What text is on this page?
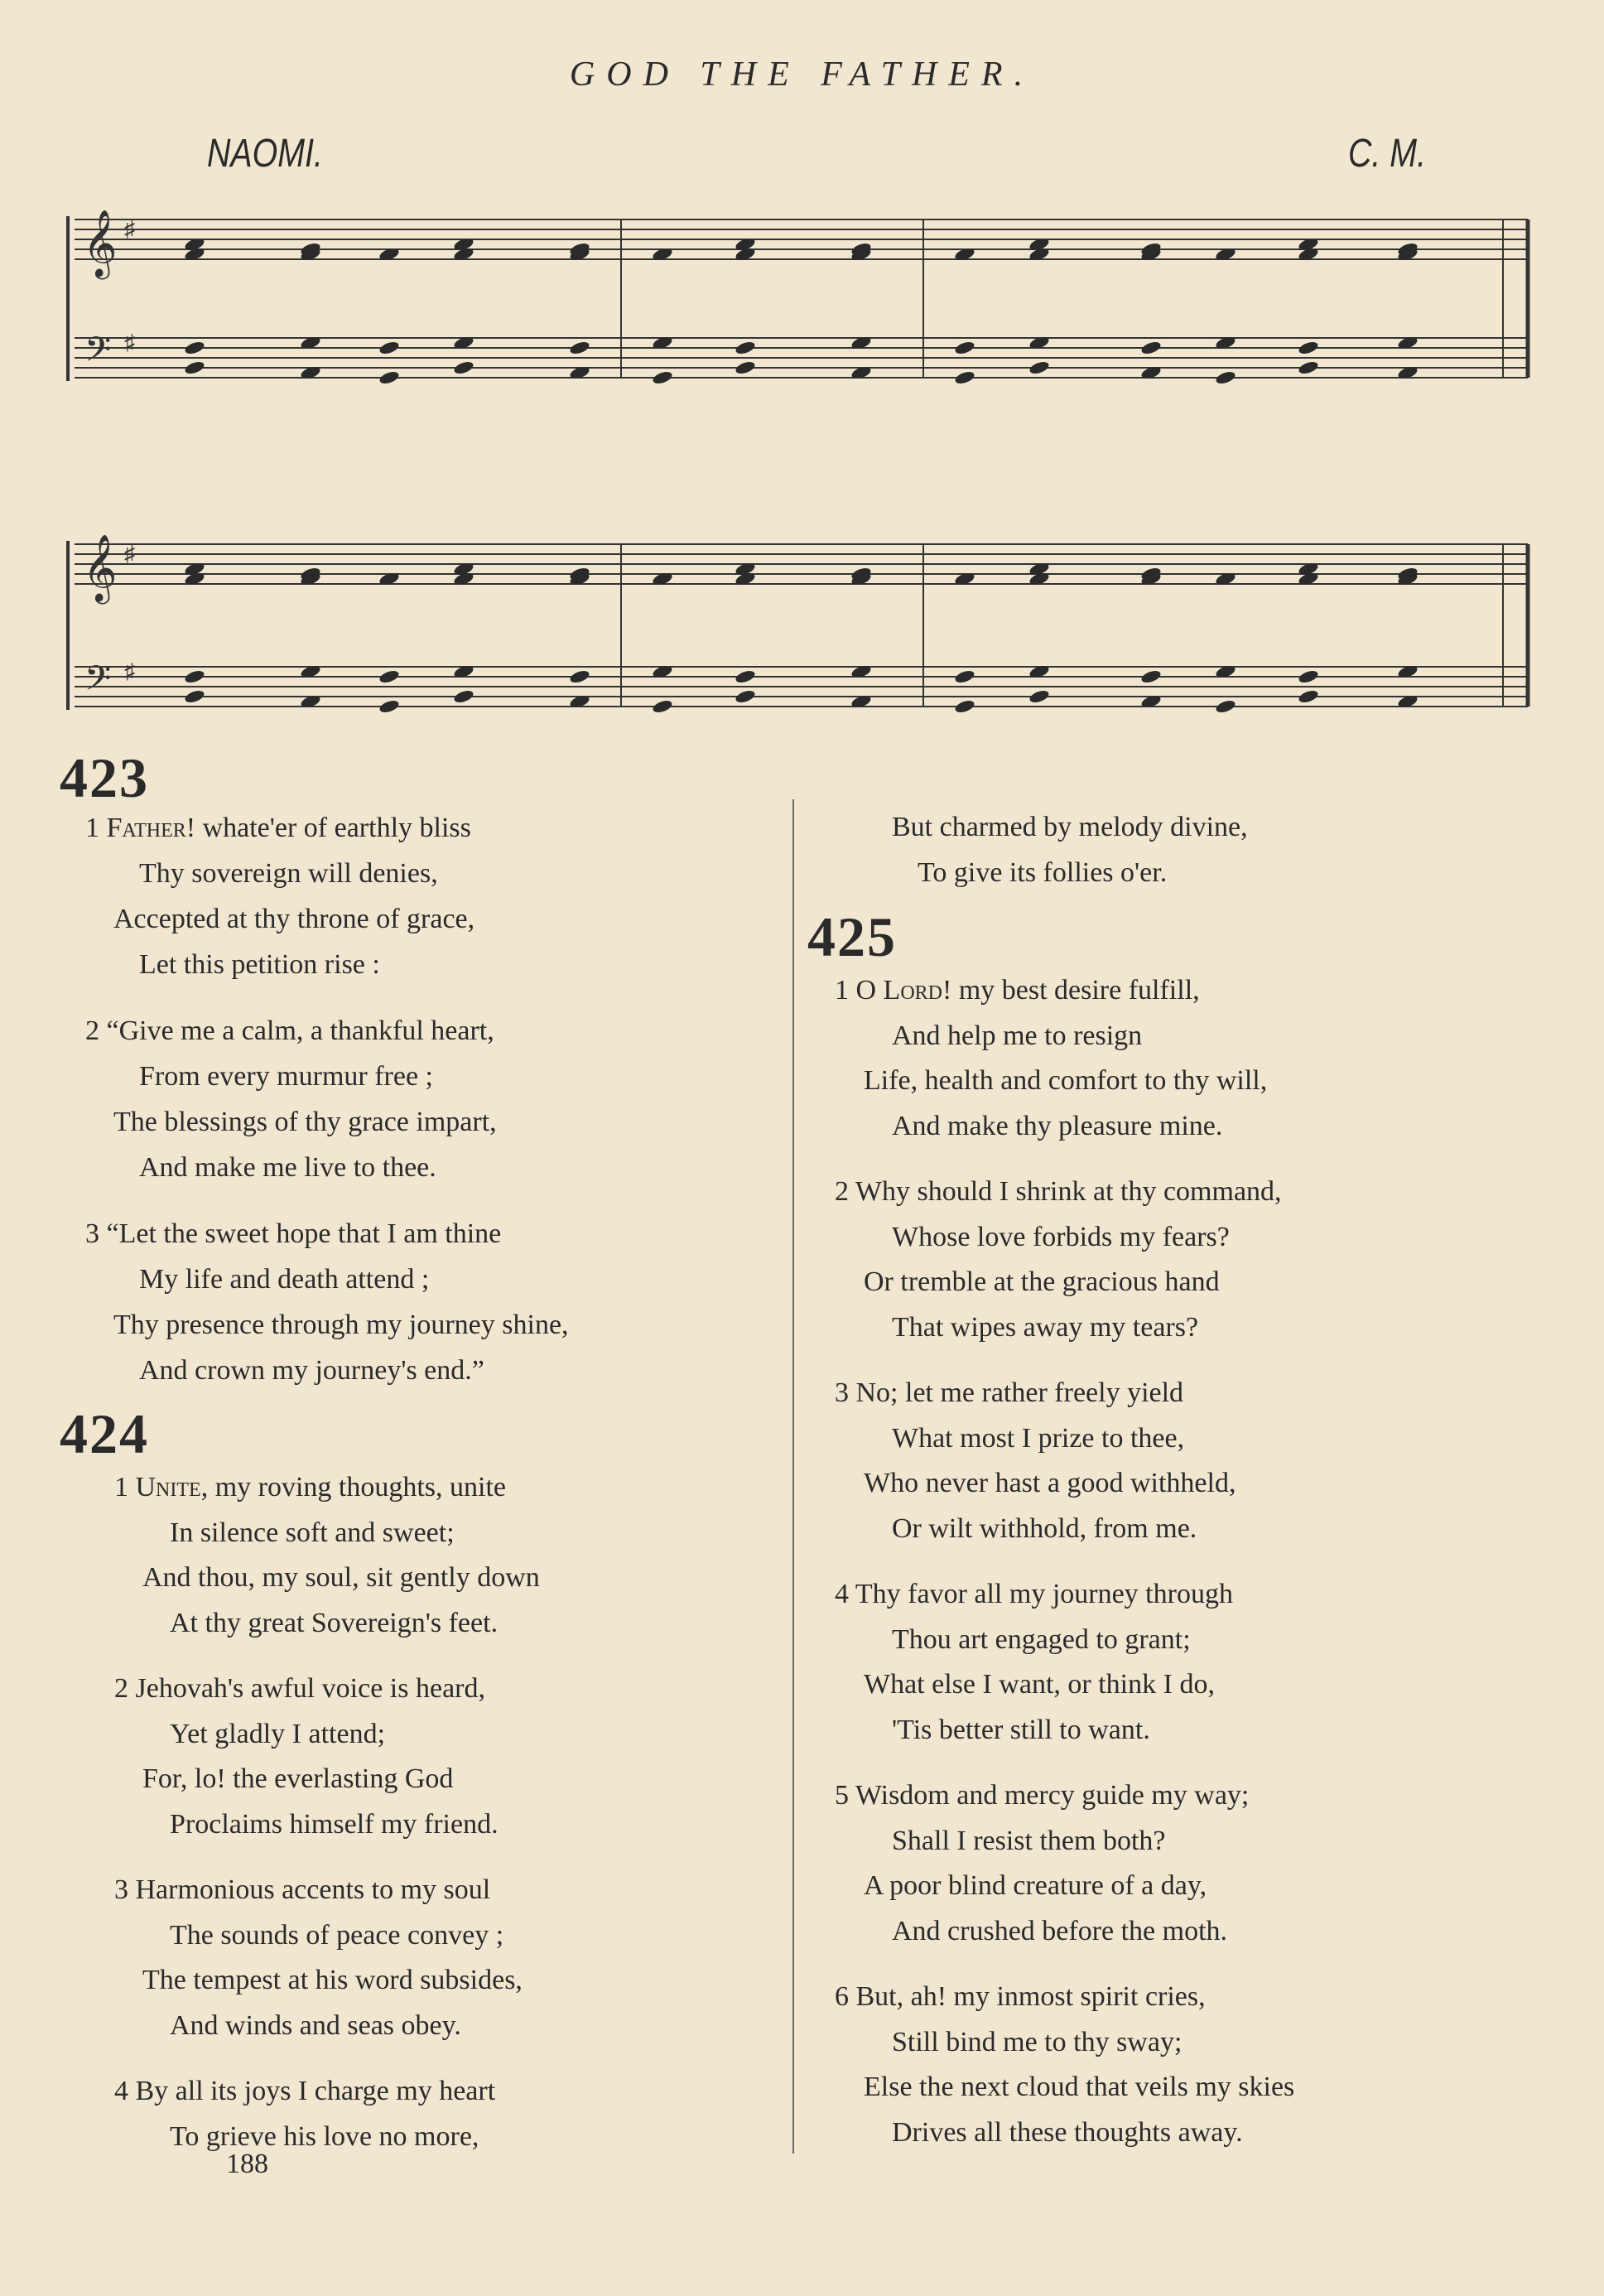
GOD THE FATHER.
NAOMI.	C. M.
𝄞
𝄢
♯
♯
𝄞
𝄢
♯
♯
423
1 Father! whate'er of earthly bliss
Thy sovereign will denies,
Accepted at thy throne of grace,
Let this petition rise :
2 “Give me a calm, a thankful heart,
From every murmur free ;
The blessings of thy grace impart,
And make me live to thee.
3 “Let the sweet hope that I am thine
My life and death attend ;
Thy presence through my journey shine,
And crown my journey's end.”
424
1 Unite, my roving thoughts, unite
In silence soft and sweet;
And thou, my soul, sit gently down
At thy great Sovereign's feet.
2 Jehovah's awful voice is heard,
Yet gladly I attend;
For, lo! the everlasting God
Proclaims himself my friend.
3 Harmonious accents to my soul
The sounds of peace convey ;
The tempest at his word subsides,
And winds and seas obey.
4 By all its joys I charge my heart
To grieve his love no more,
But charmed by melody divine,
To give its follies o'er.
425
1 O Lord! my best desire fulfill,
And help me to resign
Life, health and comfort to thy will,
And make thy pleasure mine.
2 Why should I shrink at thy command,
Whose love forbids my fears?
Or tremble at the gracious hand
That wipes away my tears?
3 No; let me rather freely yield
What most I prize to thee,
Who never hast a good withheld,
Or wilt withhold, from me.
4 Thy favor all my journey through
Thou art engaged to grant;
What else I want, or think I do,
'Tis better still to want.
5 Wisdom and mercy guide my way;
Shall I resist them both?
A poor blind creature of a day,
And crushed before the moth.
6 But, ah! my inmost spirit cries,
Still bind me to thy sway;
Else the next cloud that veils my skies
Drives all these thoughts away.
188
